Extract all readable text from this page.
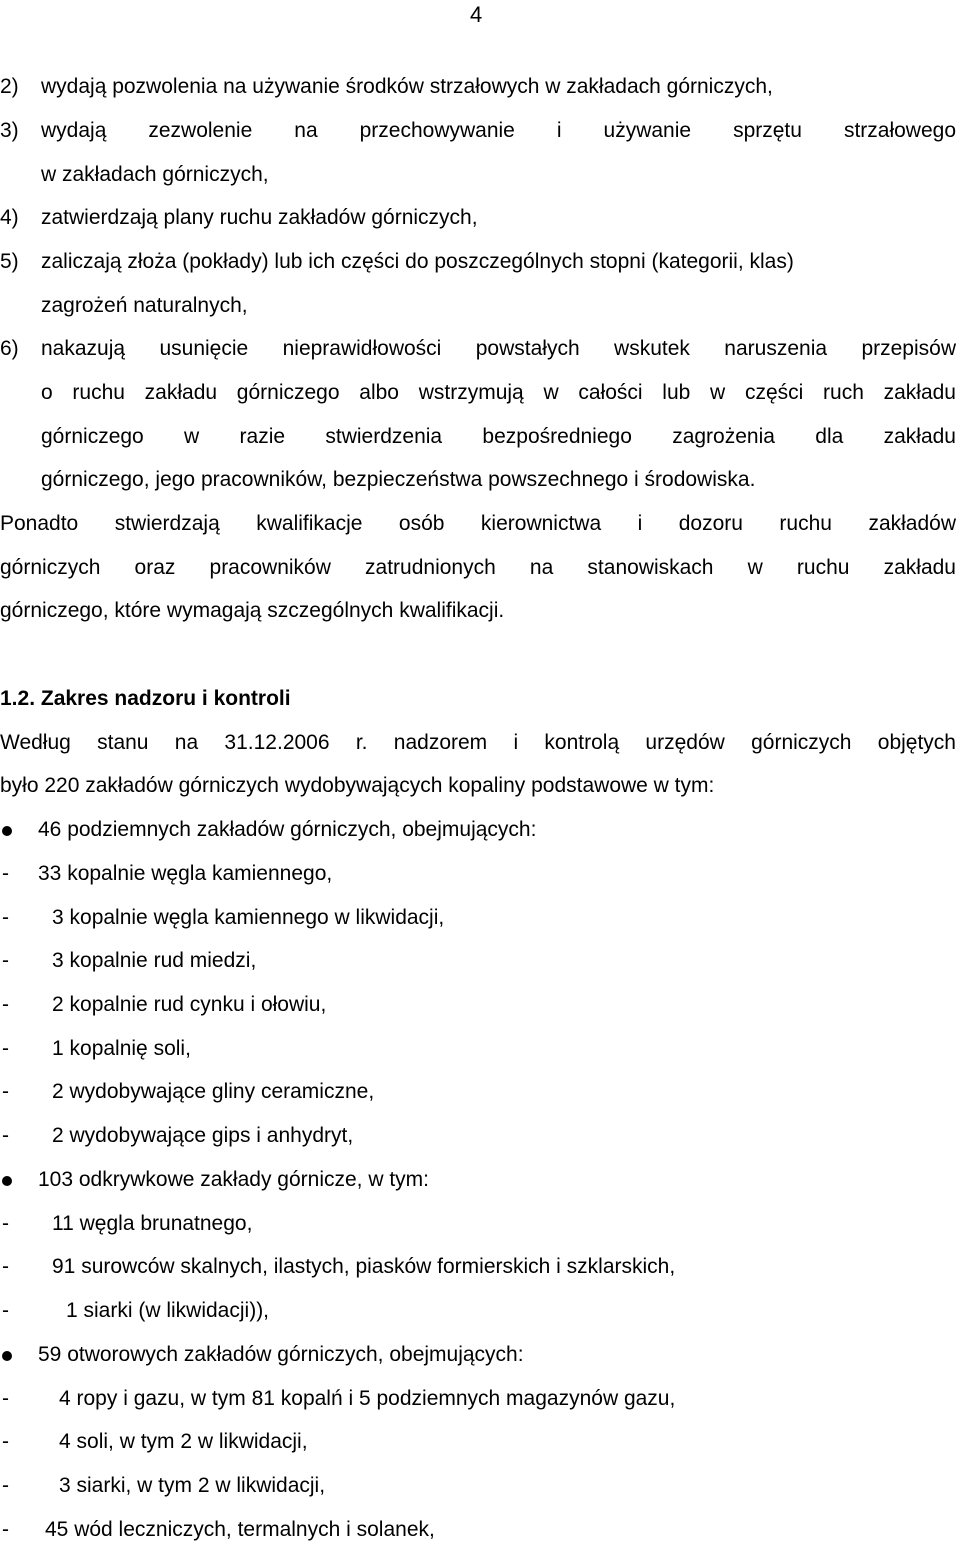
4
2) wydają pozwolenia na używanie środków strzałowych w zakładach górniczych,
3) wydają zezwolenie na przechowywanie i używanie sprzętu strzałowego
w zakładach górniczych,
4) zatwierdzają plany ruchu zakładów górniczych,
5) zaliczają złoża (pokłady) lub ich części do poszczególnych stopni (kategorii, klas)
zagrożeń naturalnych,
6) nakazują usunięcie nieprawidłowości powstałych wskutek naruszenia przepisów
o ruchu zakładu górniczego albo wstrzymują w całości lub w części ruch zakładu
górniczego w razie stwierdzenia bezpośredniego zagrożenia dla zakładu
górniczego, jego pracowników, bezpieczeństwa powszechnego i środowiska.
Ponadto stwierdzają kwalifikacje osób kierownictwa i dozoru ruchu zakładów
górniczych oraz pracowników zatrudnionych na stanowiskach w ruchu zakładu
górniczego, które wymagają szczególnych kwalifikacji.
1.2. Zakres nadzoru i kontroli
Według stanu na 31.12.2006 r. nadzorem i kontrolą urzędów górniczych objętych
było 220 zakładów górniczych wydobywających kopaliny podstawowe w tym:
46 podziemnych zakładów górniczych, obejmujących:
- 33 kopalnie węgla kamiennego,
- 3 kopalnie węgla kamiennego w likwidacji,
- 3 kopalnie rud miedzi,
- 2 kopalnie rud cynku i ołowiu,
- 1 kopalnię soli,
- 2 wydobywające gliny ceramiczne,
- 2 wydobywające gips i anhydryt,
103 odkrywkowe zakłady górnicze, w tym:
- 11 węgla brunatnego,
- 91 surowców skalnych, ilastych, piasków formierskich i szklarskich,
-	1 siarki (w likwidacji)),
59 otworowych zakładów górniczych, obejmujących:
- 4 ropy i gazu, w tym 81 kopalń i 5 podziemnych magazynów gazu,
- 4 soli, w tym 2 w likwidacji,
- 3 siarki, w tym 2 w likwidacji,
- 45 wód leczniczych, termalnych i solanek,
